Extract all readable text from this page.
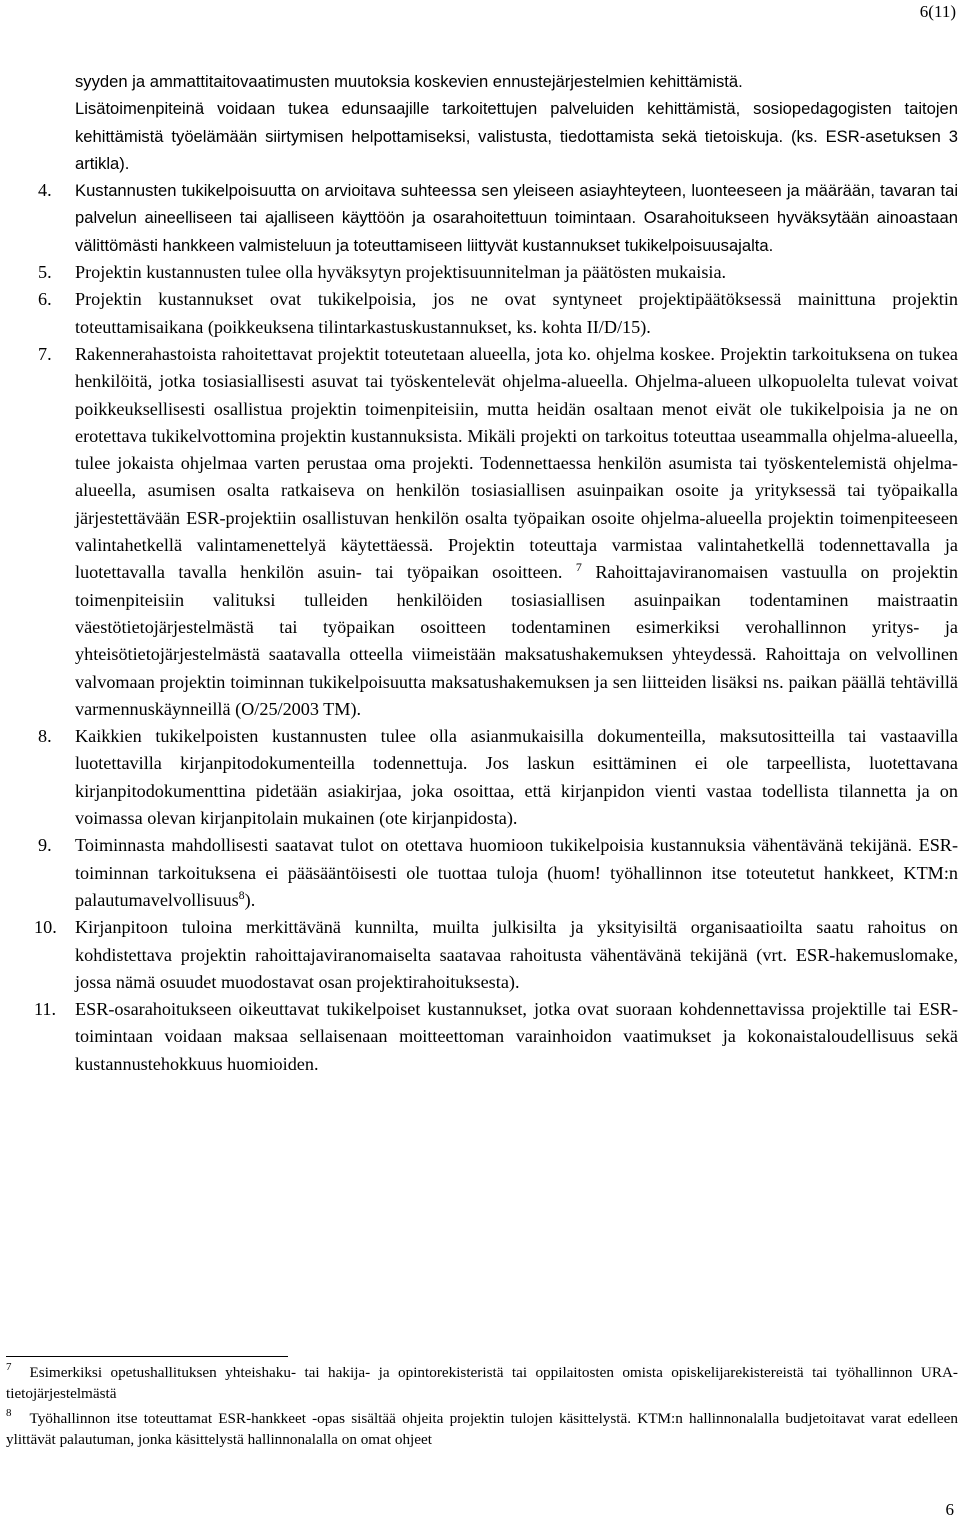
6(11)
syyden ja ammattitaitovaatimusten muutoksia koskevien ennustejärjestelmien kehittämistä.
Lisätoimenpiteinä voidaan tukea edunsaajille tarkoitettujen palveluiden kehittämistä, sosiopedagogisten taitojen kehittämistä työelämään siirtymisen helpottamiseksi, valistusta, tiedottamista sekä tietoiskuja. (ks. ESR-asetuksen 3 artikla).
4.	Kustannusten tukikelpoisuutta on arvioitava suhteessa sen yleiseen asiayhteyteen, luonteeseen ja määrään, tavaran tai palvelun aineelliseen tai ajalliseen käyttöön ja osarahoitettuun toimintaan. Osarahoitukseen hyväksytään ainoastaan välittömästi hankkeen valmisteluun ja toteuttamiseen liittyvät kustannukset tukikelpoisuusajalta.
5.	Projektin kustannusten tulee olla hyväksytyn projektisuunnitelman ja päätösten mukaisia.
6.	Projektin kustannukset ovat tukikelpoisia, jos ne ovat syntyneet projektipäätöksessä mainittuna projektin toteuttamisaikana (poikkeuksena tilintarkastuskustannukset, ks. kohta II/D/15).
7.	Rakennerahastoista rahoitettavat projektit toteutetaan alueella, jota ko. ohjelma koskee. Projektin tarkoituksena on tukea henkilöitä, jotka tosiasiallisesti asuvat tai työskentelevät ohjelma-alueella. Ohjelma-alueen ulkopuolelta tulevat voivat poikkeuksellisesti osallistua projektin toimenpiteisiin, mutta heidän osaltaan menot eivät ole tukikelpoisia ja ne on erotettava tukikelvottomina projektin kustannuksista. Mikäli projekti on tarkoitus toteuttaa useammalla ohjelma-alueella, tulee jokaista ohjelmaa varten perustaa oma projekti. Todennettaessa henkilön asumista tai työskentelemistä ohjelma-alueella, asumisen osalta ratkaiseva on henkilön tosiasiallisen asuinpaikan osoite ja yrityksessä tai työpaikalla järjestettävään ESR-projektiin osallistuvan henkilön osalta työpaikan osoite ohjelma-alueella projektin toimenpiteeseen valintahetkellä valintamenettelyä käytettäessä. Projektin toteuttaja varmistaa valintahetkellä todennettavalla ja luotettavalla tavalla henkilön asuin- tai työpaikan osoitteen. $^7$ Rahoittajaviranomaisen vastuulla on projektin toimenpiteisiin valituksi tulleiden henkilöiden tosiasiallisen asuinpaikan todentaminen maistraatin väestötietojärjestelmästä tai työpaikan osoitteen todentaminen esimerkiksi verohallinnon yritys- ja yhteisötietojärjestelmästä saatavalla otteella viimeistään maksatushakemuksen yhteydessä. Rahoittaja on velvollinen valvomaan projektin toiminnan tukikelpoisuutta maksatushakemuksen ja sen liitteiden lisäksi ns. paikan päällä tehtävillä varmennuskäynneillä (O/25/2003 TM).
8.	Kaikkien tukikelpoisten kustannusten tulee olla asianmukaisilla dokumenteilla, maksutositteilla tai vastaavilla luotettavilla kirjanpitodokumenteilla todennettuja. Jos laskun esittäminen ei ole tarpeellista, luotettavana kirjanpitodokumenttina pidetään asiakirjaa, joka osoittaa, että kirjanpidon vienti vastaa todellista tilannetta ja on voimassa olevan kirjanpitolain mukainen (ote kirjanpidosta).
9.	Toiminnasta mahdollisesti saatavat tulot on otettava huomioon tukikelpoisia kustannuksia vähentävänä tekijänä. ESR-toiminnan tarkoituksena ei pääsääntöisesti ole tuottaa tuloja (huom! työhallinnon itse toteutetut hankkeet, KTM:n palautumavelvollisuus$^8$).
10.	Kirjanpitoon tuloina merkittävänä kunnilta, muilta julkisilta ja yksityisiltä organisaatioilta saatu rahoitus on kohdistettava projektin rahoittajaviranomaiselta saatavaa rahoitusta vähentävänä tekijänä (vrt. ESR-hakemuslomake, jossa nämä osuudet muodostavat osan projektirahoituksesta).
11.	ESR-osarahoitukseen oikeuttavat tukikelpoiset kustannukset, jotka ovat suoraan kohdennettavissa projektille tai ESR-toimintaan voidaan maksaa sellaisenaan moitteettoman varainhoidon vaatimukset ja kokonaistaloudellisuus sekä kustannustehokkuus huomioiden.
$^7$ Esimerkiksi opetushallituksen yhteishaku- tai hakija- ja opintorekisteristä tai oppilaitosten omista opiskelijarekistereistä tai työhallinnon URA-tietojärjestelmästä
$^8$ Työhallinnon itse toteuttamat ESR-hankkeet -opas sisältää ohjeita projektin tulojen käsittelystä. KTM:n hallinnonalalla budjetoitavat varat edelleen ylittävät palautuman, jonka käsittelystä hallinnonalalla on omat ohjeet
6
